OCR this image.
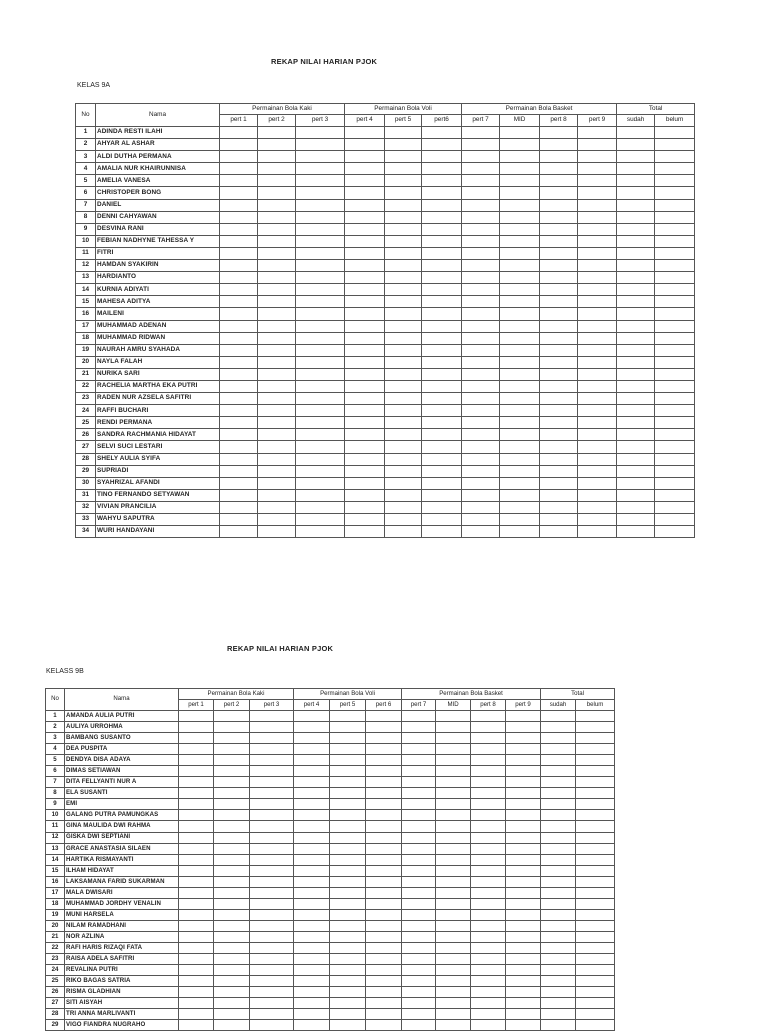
REKAP NILAI HARIAN PJOK
KELAS 9A
No	Nama	Permainan Bola Kaki			Permainan Bola Voli			Permainan Bola Basket				Total	
		pert 1	pert 2	pert 3	pert 4	pert 5	pert6	pert 7	MID	pert 8	pert 9	sudah	belum
1	ADINDA RESTI ILAHI												
2	AHYAR AL ASHAR												
3	ALDI DUTHA PERMANA												
4	AMALIA NUR KHAIRUNNISA												
5	AMELIA VANESA												
6	CHRISTOPER BONG												
7	DANIEL												
8	DENNI CAHYAWAN												
9	DESVINA RANI												
10	FEBIAN NADHYNE TAHESSA Y												
11	FITRI												
12	HAMDAN SYAKIRIN												
13	HARDIANTO												
14	KURNIA ADIYATI												
15	MAHESA ADITYA												
16	MAILENI												
17	MUHAMMAD ADENAN												
18	MUHAMMAD RIDWAN												
19	NAURAH AMRU SYAHADA												
20	NAYLA FALAH												
21	NURIKA SARI												
22	RACHELIA MARTHA EKA PUTRI												
23	RADEN NUR AZSELA SAFITRI												
24	RAFFI BUCHARI												
25	RENDI PERMANA												
26	SANDRA RACHMANIA HIDAYAT												
27	SELVI SUCI LESTARI												
28	SHELY AULIA SYIFA												
29	SUPRIADI												
30	SYAHRIZAL AFANDI												
31	TINO FERNANDO SETYAWAN												
32	VIVIAN PRANCILIA												
33	WAHYU SAPUTRA												
34	WURI HANDAYANI												
REKAP NILAI HARIAN PJOK
KELASS 9B
No	Nama	Permainan Bola Kaki			Permainan Bola Voli			Permainan Bola Basket				Total	
		pert 1	pert 2	pert 3	pert 4	pert 5	pert 6	pert 7	MID	pert 8	pert 9	sudah	belum
1	AMANDA AULIA PUTRI												
2	AULIYA URROHMA												
3	BAMBANG SUSANTO												
4	DEA PUSPITA												
5	DENDYA DISA ADAYA												
6	DIMAS SETIAWAN												
7	DITA FELLYANTI NUR A												
8	ELA SUSANTI												
9	EMI												
10	GALANG PUTRA PAMUNGKAS												
11	GINA MAULIDA DWI RAHMA												
12	GISKA DWI SEPTIANI												
13	GRACE ANASTASIA SILAEN												
14	HARTIKA RISMAYANTI												
15	ILHAM HIDAYAT												
16	LAKSAMANA FARID SUKARMAN												
17	MALA DWISARI												
18	MUHAMMAD JORDHY VENALIN												
19	MUNI HARSELA												
20	NILAM RAMADHANI												
21	NOR AZLINA												
22	RAFI HARIS RIZAQI FATA												
23	RAISA ADELA SAFITRI												
24	REVALINA PUTRI												
25	RIKO BAGAS SATRIA												
26	RISMA GLADHIAN												
27	SITI AISYAH												
28	TRI ANNA MARLIVANTI												
29	VIGO FIANDRA NUGRAHO												
